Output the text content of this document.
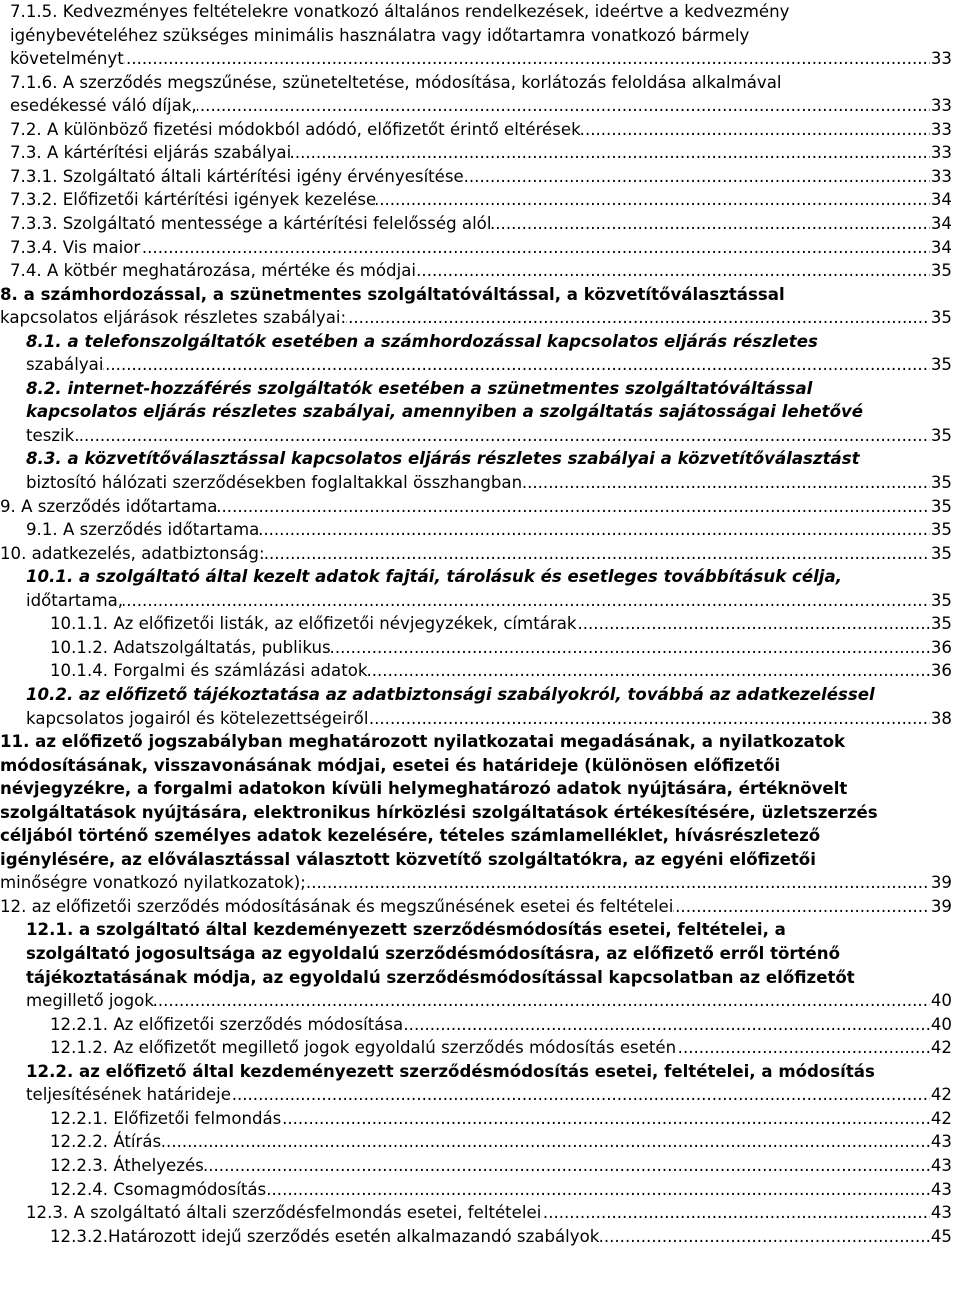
7.1.5. Kedvezményes feltételekre vonatkozó általános rendelkezések, ideértve a kedvezmény
igénybevételéhez szükséges minimális használatra vagy időtartamra vonatkozó bármely
.....
követelményt	33
7.1.6. A szerződés megszűnése, szüneteltetése, módosítása, korlátozás feloldása alkalmával
.....
esedékessé váló díjak,	33
.....
7.2. A különböző fizetési módokból adódó, előfizetőt érintő eltérések	33
.....
7.3. A kártérítési eljárás szabályai	33
.....
7.3.1. Szolgáltató általi kártérítési igény érvényesítése	33
.....
7.3.2. Előfizetői kártérítési igények kezelése	34
.....
7.3.3. Szolgáltató mentessége a kártérítési felelősség alól	34
.....
7.3.4. Vis maior	34
.....
7.4. A kötbér meghatározása, mértéke és módjai	35
8. a számhordozással, a szünetmentes szolgáltatóváltással, a közvetítőválasztással
.....
kapcsolatos eljárások részletes szabályai:	35
8.1. a telefonszolgáltatók esetében a számhordozással kapcsolatos eljárás részletes
.....
szabályai	35
8.2. internet-hozzáférés szolgáltatók esetében a szünetmentes szolgáltatóváltással
kapcsolatos eljárás részletes szabályai, amennyiben a szolgáltatás sajátosságai lehetővé
.....
teszik.	35
8.3. a közvetítőválasztással kapcsolatos eljárás részletes szabályai a közvetítőválasztást
.....
biztosító hálózati szerződésekben foglaltakkal összhangban	35
.....
9. A szerződés időtartama	35
.....
9.1. A szerződés időtartama	35
.....
10. adatkezelés, adatbiztonság:	35
10.1. a szolgáltató által kezelt adatok fajtái, tárolásuk és esetleges továbbításuk célja,
.....
időtartama,	35
.....
10.1.1. Az előfizetői listák, az előfizetői névjegyzékek, címtárak	35
.....
10.1.2. Adatszolgáltatás, publikus	36
.....
10.1.4. Forgalmi és számlázási adatok	36
10.2. az előfizető tájékoztatása az adatbiztonsági szabályokról, továbbá az adatkezeléssel
.....
kapcsolatos jogairól és kötelezettségeiről	38
11. az előfizető jogszabályban meghatározott nyilatkozatai megadásának, a nyilatkozatok
módosításának, visszavonásának módjai, esetei és határideje (különösen előfizetői
névjegyzékre, a forgalmi adatokon kívüli helymeghatározó adatok nyújtására, értéknövelt
szolgáltatások nyújtására, elektronikus hírközlési szolgáltatások értékesítésére, üzletszerzés
céljából történő személyes adatok kezelésére, tételes számlamelléklet, hívásrészletező
igénylésére, az előválasztással választott közvetítő szolgáltatókra, az egyéni előfizetői
.....
minőségre vonatkozó nyilatkozatok);	39
.....
12. az előfizetői szerződés módosításának és megszűnésének esetei és feltételei	39
12.1. a szolgáltató által kezdeményezett szerződésmódosítás esetei, feltételei, a
szolgáltató jogosultsága az egyoldalú szerződésmódosításra, az előfizető erről történő
tájékoztatásának módja, az egyoldalú szerződésmódosítással kapcsolatban az előfizetőt
.....
megillető jogok	40
.....
12.2.1. Az előfizetői szerződés módosítása	40
.....
12.1.2. Az előfizetőt megillető jogok egyoldalú szerződés módosítás esetén	42
12.2. az előfizető által kezdeményezett szerződésmódosítás esetei, feltételei, a módosítás
.....
teljesítésének határideje	42
.....
12.2.1. Előfizetői felmondás	42
.....
12.2.2. Átírás	43
.....
12.2.3. Áthelyezés	43
.....
12.2.4. Csomagmódosítás	43
.....
12.3. A szolgáltató általi szerződésfelmondás esetei, feltételei	43
.....
12.3.2.Határozott idejű szerződés esetén alkalmazandó szabályok	45
